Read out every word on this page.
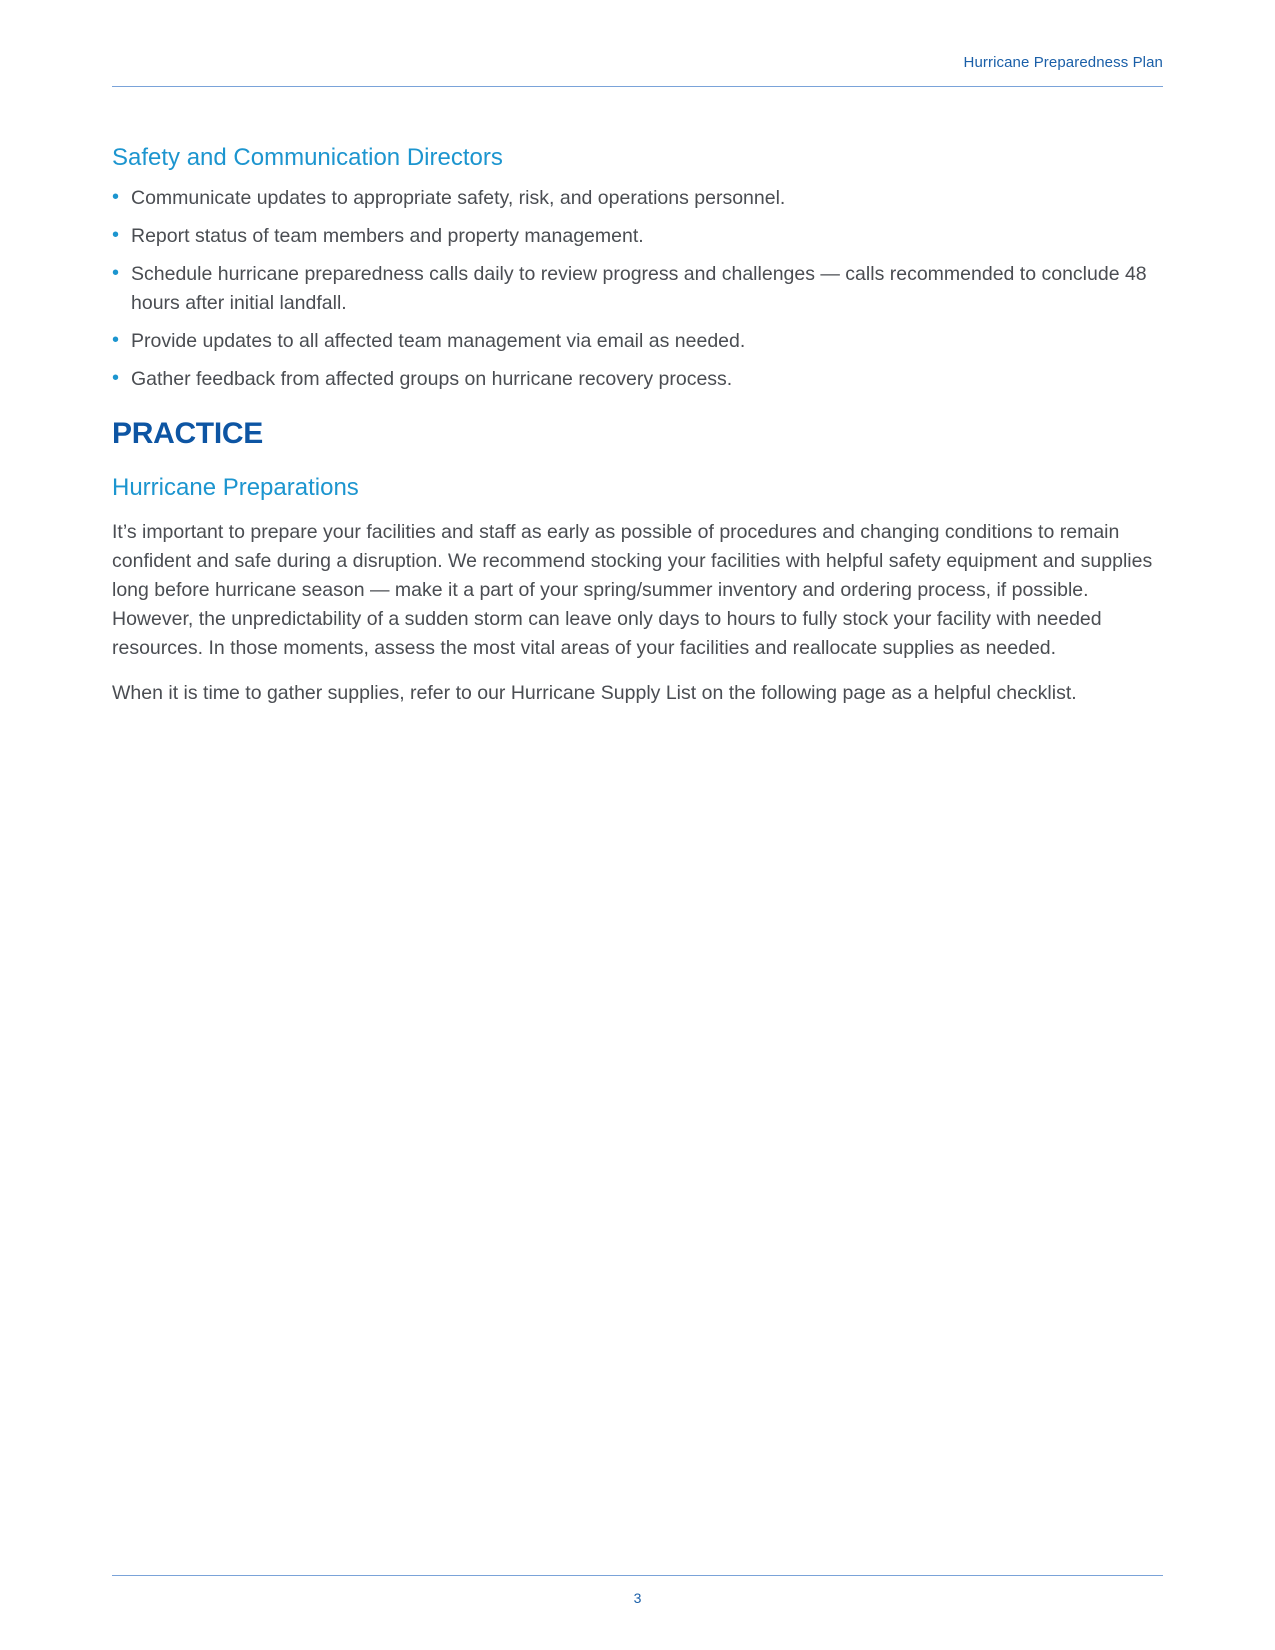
Hurricane Preparedness Plan
Safety and Communication Directors
• Communicate updates to appropriate safety, risk, and operations personnel.
• Report status of team members and property management.
• Schedule hurricane preparedness calls daily to review progress and challenges — calls recommended to conclude 48 hours after initial landfall.
• Provide updates to all affected team management via email as needed.
• Gather feedback from affected groups on hurricane recovery process.
PRACTICE
Hurricane Preparations

It’s important to prepare your facilities and staff as early as possible of procedures and changing conditions to remain confident and safe during a disruption. We recommend stocking your facilities with helpful safety equipment and supplies long before hurricane season — make it a part of your spring/summer inventory and ordering process, if possible. However, the unpredictability of a sudden storm can leave only days to hours to fully stock your facility with needed resources. In those moments, assess the most vital areas of your facilities and reallocate supplies as needed.

When it is time to gather supplies, refer to our Hurricane Supply List on the following page as a helpful checklist.

3
